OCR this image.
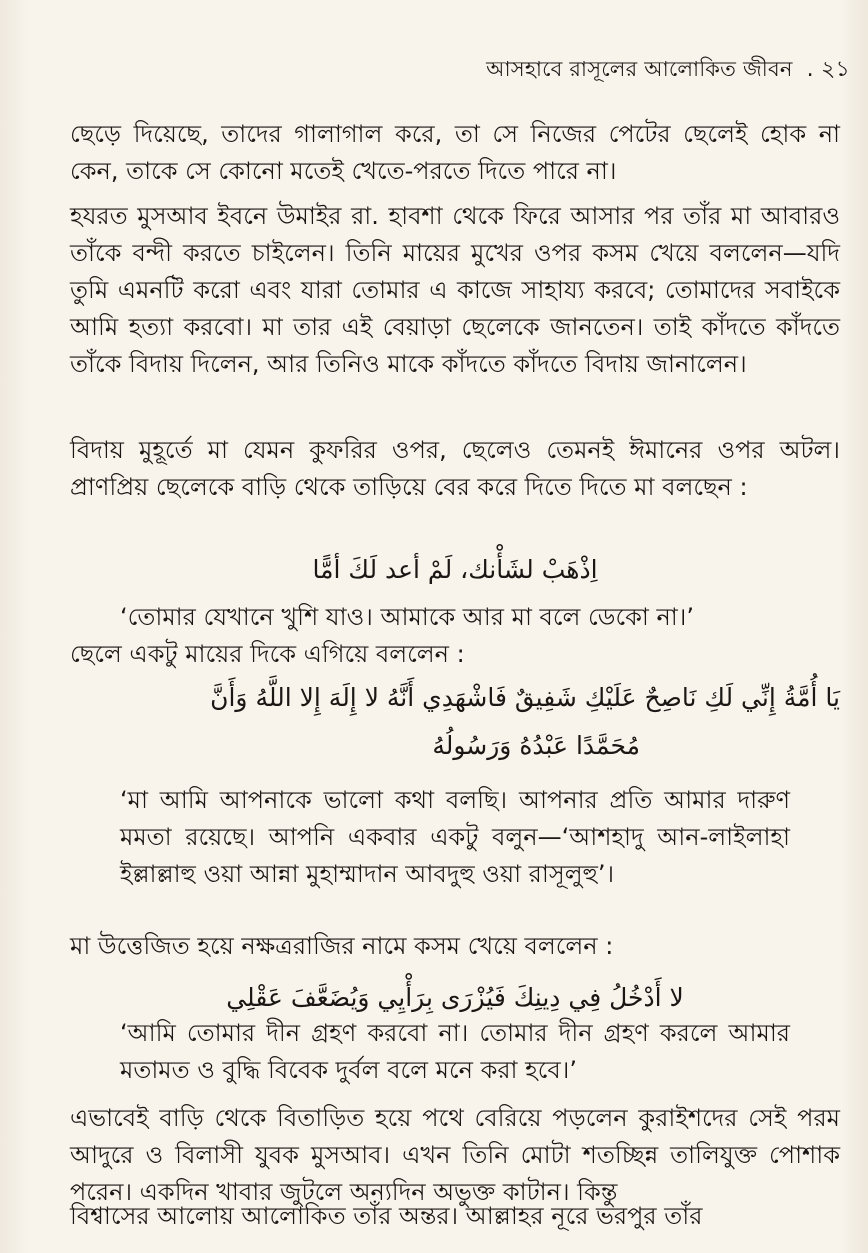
আসহাবে রাসূলের আলোকিত জীবন . ২১

ছেড়ে দিয়েছে, তাদের গালাগাল করে, তা সে নিজের পেটের ছেলেই হোক না কেন, তাকে সে কোনো মতেই খেতে-পরতে দিতে পারে না।

হযরত মুসআব ইবনে উমাইর রা. হাবশা থেকে ফিরে আসার পর তাঁর মা আবারও তাঁকে বন্দী করতে চাইলেন। তিনি মায়ের মুখের ওপর কসম খেয়ে বললেন—যদি তুমি এমনটি করো এবং যারা তোমার এ কাজে সাহায্য করবে; তোমাদের সবাইকে আমি হত্যা করবো। মা তার এই বেয়াড়া ছেলেকে জানতেন। তাই কাঁদতে কাঁদতে তাঁকে বিদায় দিলেন, আর তিনিও মাকে কাঁদতে কাঁদতে বিদায় জানালেন।

বিদায় মুহূর্তে মা যেমন কুফরির ওপর, ছেলেও তেমনই ঈমানের ওপর অটল। প্রাণপ্রিয় ছেলেকে বাড়ি থেকে তাড়িয়ে বের করে দিতে দিতে মা বলছেন :

اِذْهَبْ لشَأْنك، لَمْ أعد لَكَ أمًّا

‘তোমার যেখানে খুশি যাও। আমাকে আর মা বলে ডেকো না।’

ছেলে একটু মায়ের দিকে এগিয়ে বললেন :

يَا أُمَّةُ إِنِّي لَكِ نَاصِحٌ عَلَيْكِ شَفِيقٌ فَاشْهَدِي أَنَّهُ لا إِلَهَ إِلا اللَّهُ وَأَنَّ

مُحَمَّدًا عَبْدُهُ وَرَسُولُهُ

‘মা আমি আপনাকে ভালো কথা বলছি। আপনার প্রতি আমার দারুণ মমতা রয়েছে। আপনি একবার একটু বলুন—‘আশহাদু আন-লাইলাহা ইল্লাল্লাহু ওয়া আন্না মুহাম্মাদান আবদুহু ওয়া রাসূলুহু’।

মা উত্তেজিত হয়ে নক্ষত্ররাজির নামে কসম খেয়ে বললেন :

لا أَدْخُلُ فِي دِينِكَ فَيُزْرَى بِرَأْيِي وَيُضَعَّفَ عَقْلِي

‘আমি তোমার দীন গ্রহণ করবো না। তোমার দীন গ্রহণ করলে আমার মতামত ও বুদ্ধি বিবেক দুর্বল বলে মনে করা হবে।’

এভাবেই বাড়ি থেকে বিতাড়িত হয়ে পথে বেরিয়ে পড়লেন কুরাইশদের সেই পরম আদুরে ও বিলাসী যুবক মুসআব। এখন তিনি মোটা শতচ্ছিন্ন তালিযুক্ত পোশাক পরেন। একদিন খাবার জুটলে অন্যদিন অভুক্ত কাটান। কিন্তু

বিশ্বাসের আলোয় আলোকিত তাঁর অন্তর। আল্লাহর নূরে ভরপুর তাঁর
